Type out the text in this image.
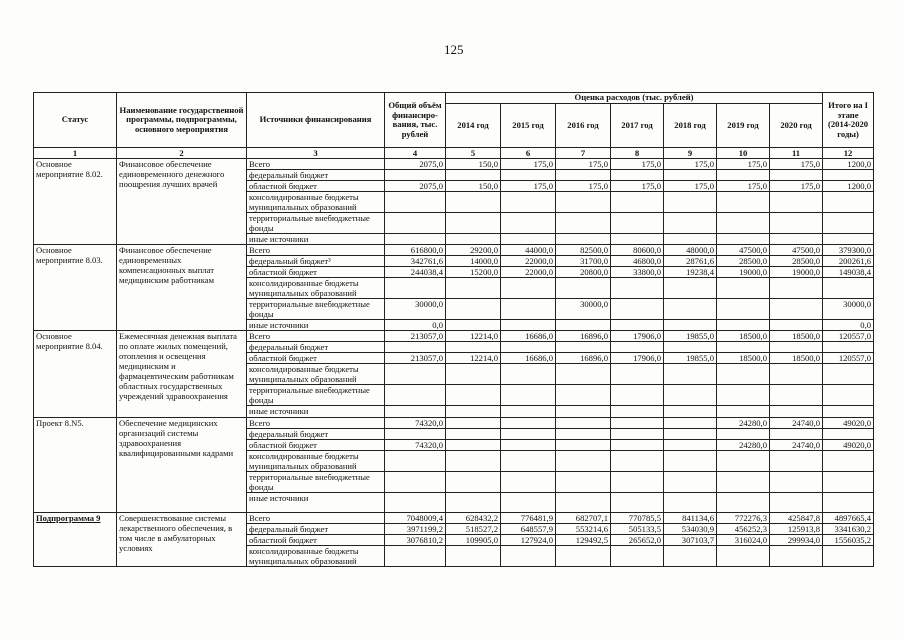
125
Статус	Наименование государственной программы, подпрограммы, основного мероприятия	Источники финансирования	Общий объём финансиро-вания, тыс. рублей	Оценка расходов (тыс. рублей)							Итого на I этапе (2014-2020 годы)
				2014 год	2015 год	2016 год	2017 год	2018 год	2019 год	2020 год	
1	2	3	4	5	6	7	8	9	10	11	12
Основное мероприятие 8.02.	Финансовое обеспечение единовременного денежного поощрения лучших врачей	Всего	2075,0	150,0	175,0	175,0	175,0	175,0	175,0	175,0	1200,0
		федеральный бюджет									
		областной бюджет	2075,0	150,0	175,0	175,0	175,0	175,0	175,0	175,0	1200,0
		консолидированные бюджеты муниципальных образований									
		территориальные внебюджетные фонды									
		иные источники									
Основное мероприятие 8.03.	Финансовое обеспечение единовременных компенсационных выплат медицинским работникам	Всего	616800,0	29200,0	44000,0	82500,0	80600,0	48000,0	47500,0	47500,0	379300,0
		федеральный бюджет³	342761,6	14000,0	22000,0	31700,0	46800,0	28761,6	28500,0	28500,0	200261,6
		областной бюджет	244038,4	15200,0	22000,0	20800,0	33800,0	19238,4	19000,0	19000,0	149038,4
		консолидированные бюджеты муниципальных образований									
		территориальные внебюджетные фонды	30000,0			30000,0					30000,0
		иные источники	0,0								0,0
Основное мероприятие 8.04.	Ежемесячная денежная выплата по оплате жилых помещений, отопления и освещения медицинским и фармацевтическим работникам областных государственных учреждений здравоохранения	Всего	213057,0	12214,0	16686,0	16896,0	17906,0	19855,0	18500,0	18500,0	120557,0
		федеральный бюджет									
		областной бюджет	213057,0	12214,0	16686,0	16896,0	17906,0	19855,0	18500,0	18500,0	120557,0
		консолидированные бюджеты муниципальных образований									
		территориальные внебюджетные фонды									
		иные источники									
Проект 8.N5.	Обеспечение медицинских организаций системы здравоохранения квалифицированными кадрами	Всего	74320,0						24280,0	24740,0	49020,0
		федеральный бюджет									
		областной бюджет	74320,0						24280,0	24740,0	49020,0
		консолидированные бюджеты муниципальных образований									
		территориальные внебюджетные фонды									
		иные источники									
Подпрограмма 9	Совершенствование системы лекарственного обеспечения, в том числе в амбулаторных условиях	Всего	7048009,4	628432,2	776481,9	682707,1	770785,5	841134,6	772276,3	425847,8	4897665,4
		федеральный бюджет	3971199,2	518527,2	648557,9	553214,6	505133,5	534030,9	456252,3	125913,8	3341630,2
		областной бюджет	3076810,2	109905,0	127924,0	129492,5	265652,0	307103,7	316024,0	299934,0	1556035,2
		консолидированные бюджеты муниципальных образований									
